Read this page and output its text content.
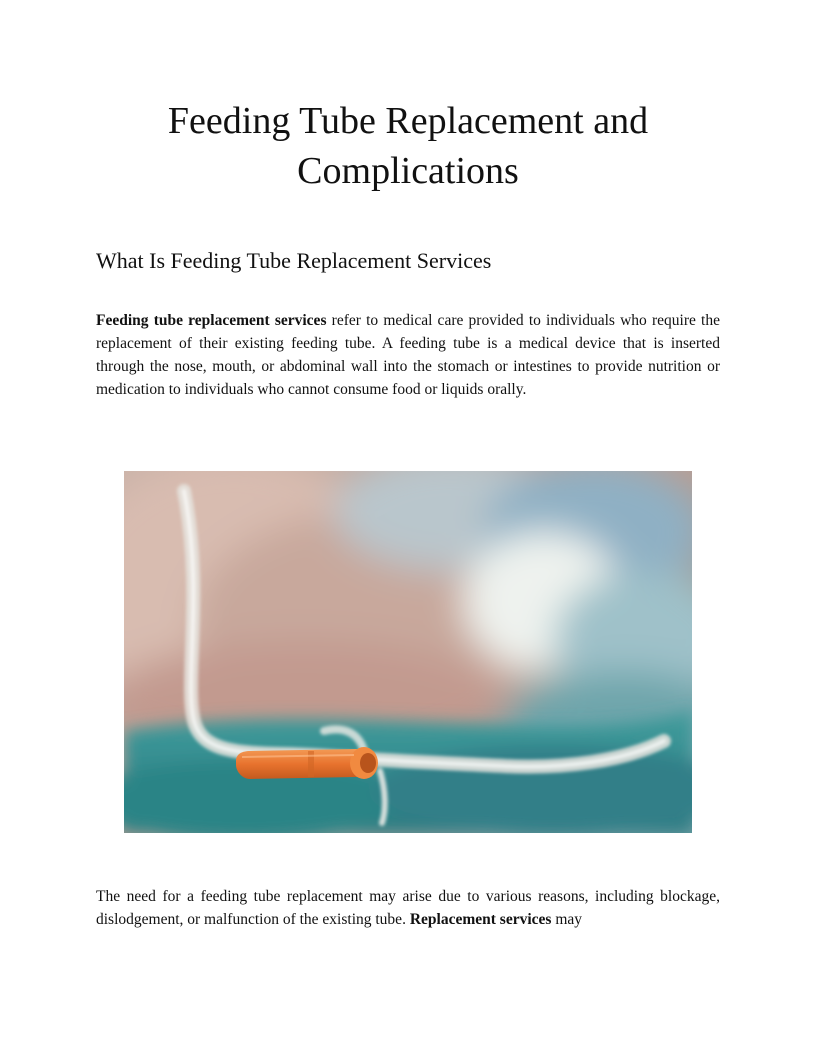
Feeding Tube Replacement and
Complications
What Is Feeding Tube Replacement Services

Feeding tube replacement services refer to medical care provided to individuals who require the replacement of their existing feeding tube. A feeding tube is a medical device that is inserted through the nose, mouth, or abdominal wall into the stomach or intestines to provide nutrition or medication to individuals who cannot consume food or liquids orally.

The need for a feeding tube replacement may arise due to various reasons, including blockage, dislodgement, or malfunction of the existing tube. Replacement services may
